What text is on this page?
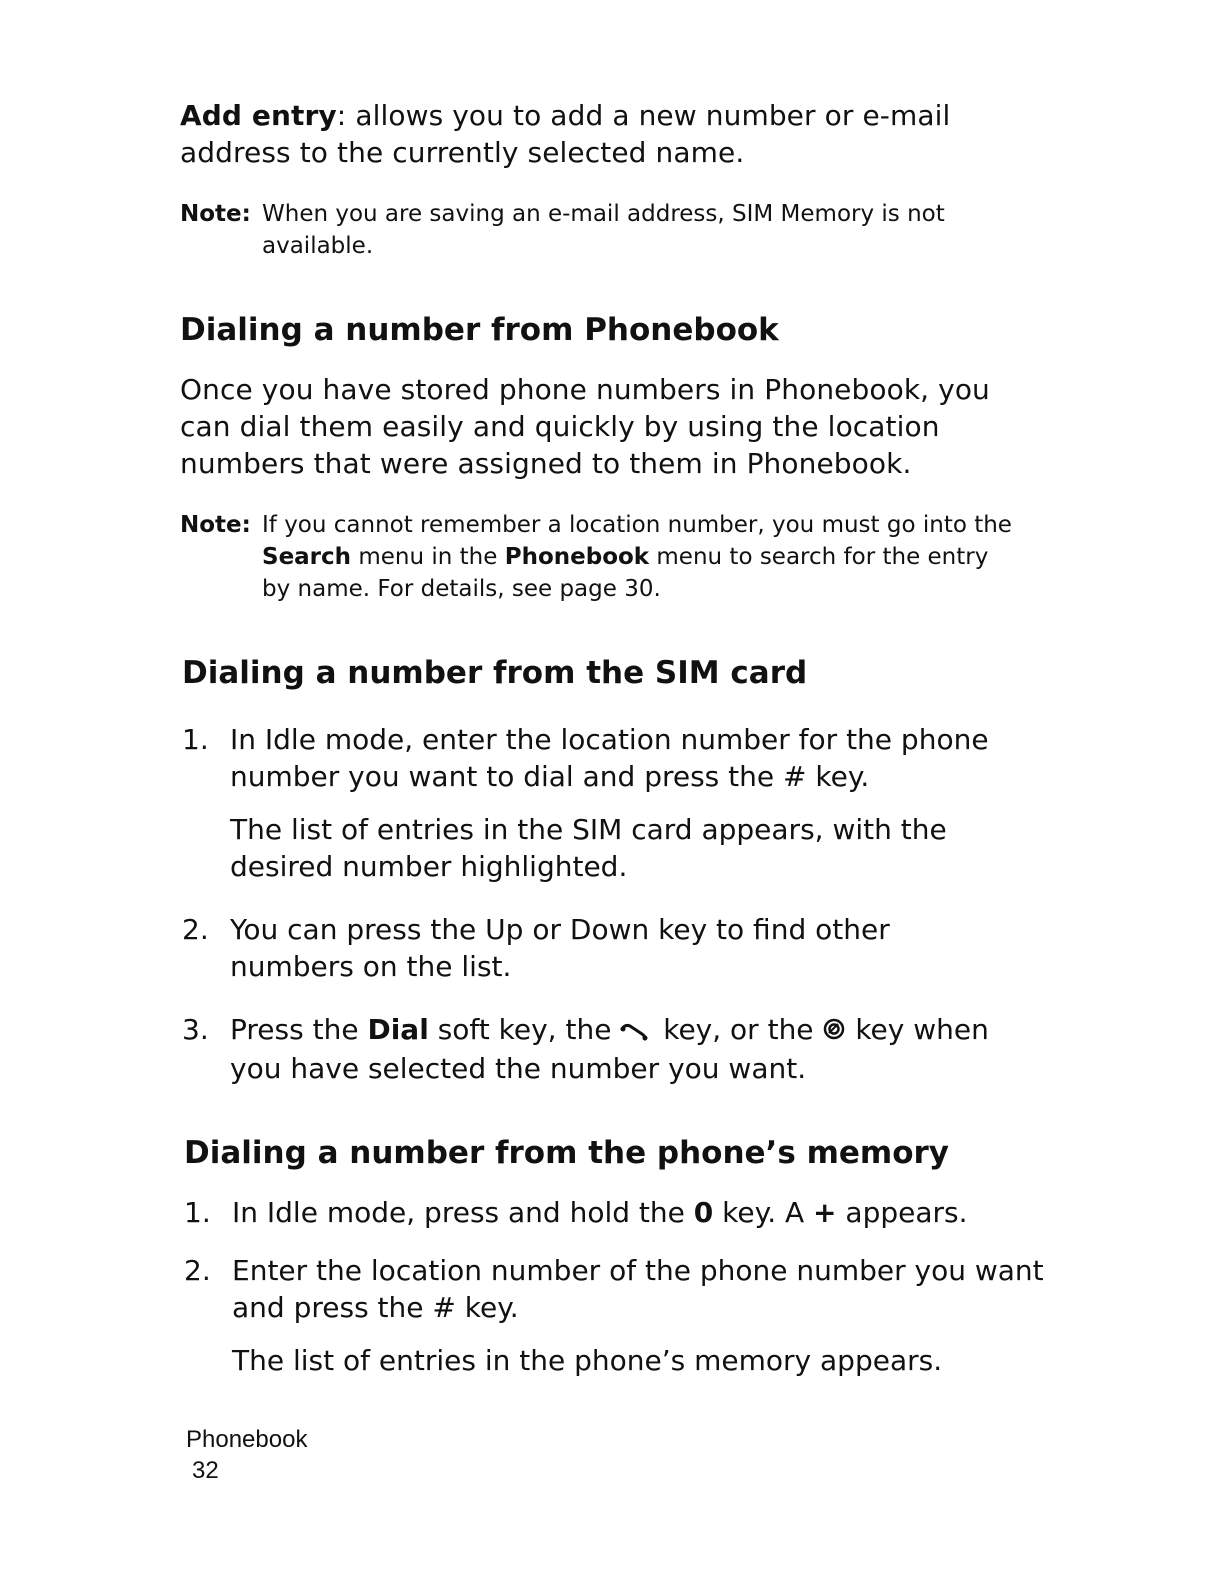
Add entry: allows you to add a new number or e-mail address to the currently selected name.
Note: When you are saving an e-mail address, SIM Memory is not available.
Dialing a number from Phonebook
Once you have stored phone numbers in Phonebook, you can dial them easily and quickly by using the location numbers that were assigned to them in Phonebook.
Note: If you cannot remember a location number, you must go into the Search menu in the Phonebook menu to search for the entry by name. For details, see page 30.
Dialing a number from the SIM card
1. In Idle mode, enter the location number for the phone number you want to dial and press the # key.
The list of entries in the SIM card appears, with the desired number highlighted.
2. You can press the Up or Down key to find other numbers on the list.
3. Press the Dial soft key, the  key, or the  key when you have selected the number you want.
Dialing a number from the phone’s memory
1. In Idle mode, press and hold the 0 key. A + appears.
2. Enter the location number of the phone number you want and press the # key.
The list of entries in the phone’s memory appears.
Phonebook
32
